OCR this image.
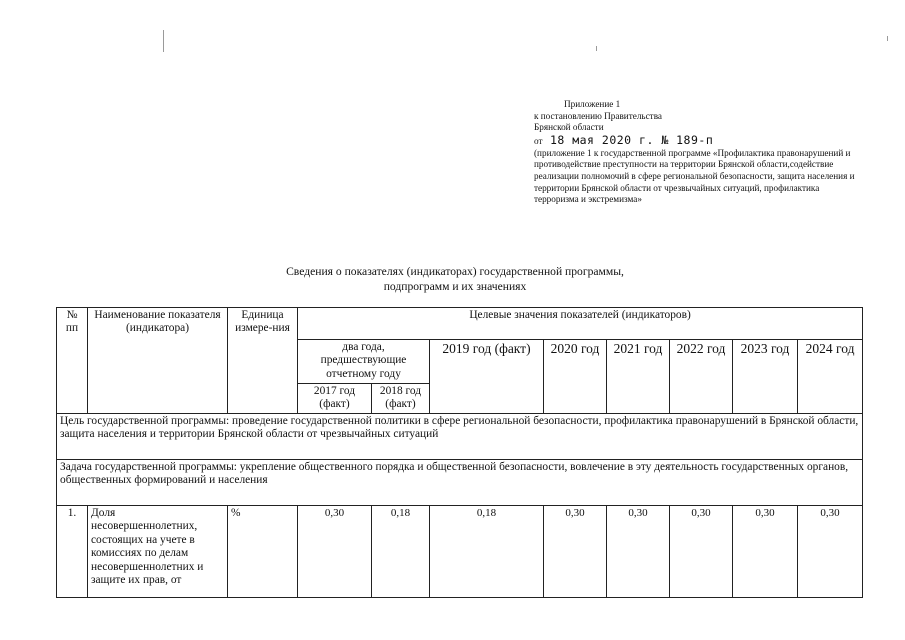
Приложение 1
к постановлению Правительства
Брянской области
от 18 мая 2020 г. № 189-п
(приложение 1 к государственной программе «Профилактика правонарушений и противодействие преступности на территории Брянской области,содействие реализации полномочий в сфере региональной безопасности, защита населения и территории Брянской области от чрезвычайных ситуаций, профилактика терроризма и экстремизма»
Сведения о показателях (индикаторах) государственной программы,
подпрограмм и их значениях
№ пп	Наименование показателя (индикатора)	Единица измере-ния	Целевые значения показателей (индикаторов)							
			два года, предшествующие отчетному году		2019 год (факт)	2020 год	2021 год	2022 год	2023 год	2024 год
			2017 год (факт)	2018 год (факт)						
Цель государственной программы: проведение государственной политики в сфере региональной безопасности, профилактика правонарушений в Брянской области, защита населения и территории Брянской области от чрезвычайных ситуаций										
Задача государственной программы: укрепление общественного порядка и общественной безопасности, вовлечение в эту деятельность государственных органов, общественных формирований и населения										
1.	Доля несовершеннолетних, состоящих на учете в комиссиях по делам несовершеннолетних и защите их прав, от	%	0,30	0,18	0,18	0,30	0,30	0,30	0,30	0,30
